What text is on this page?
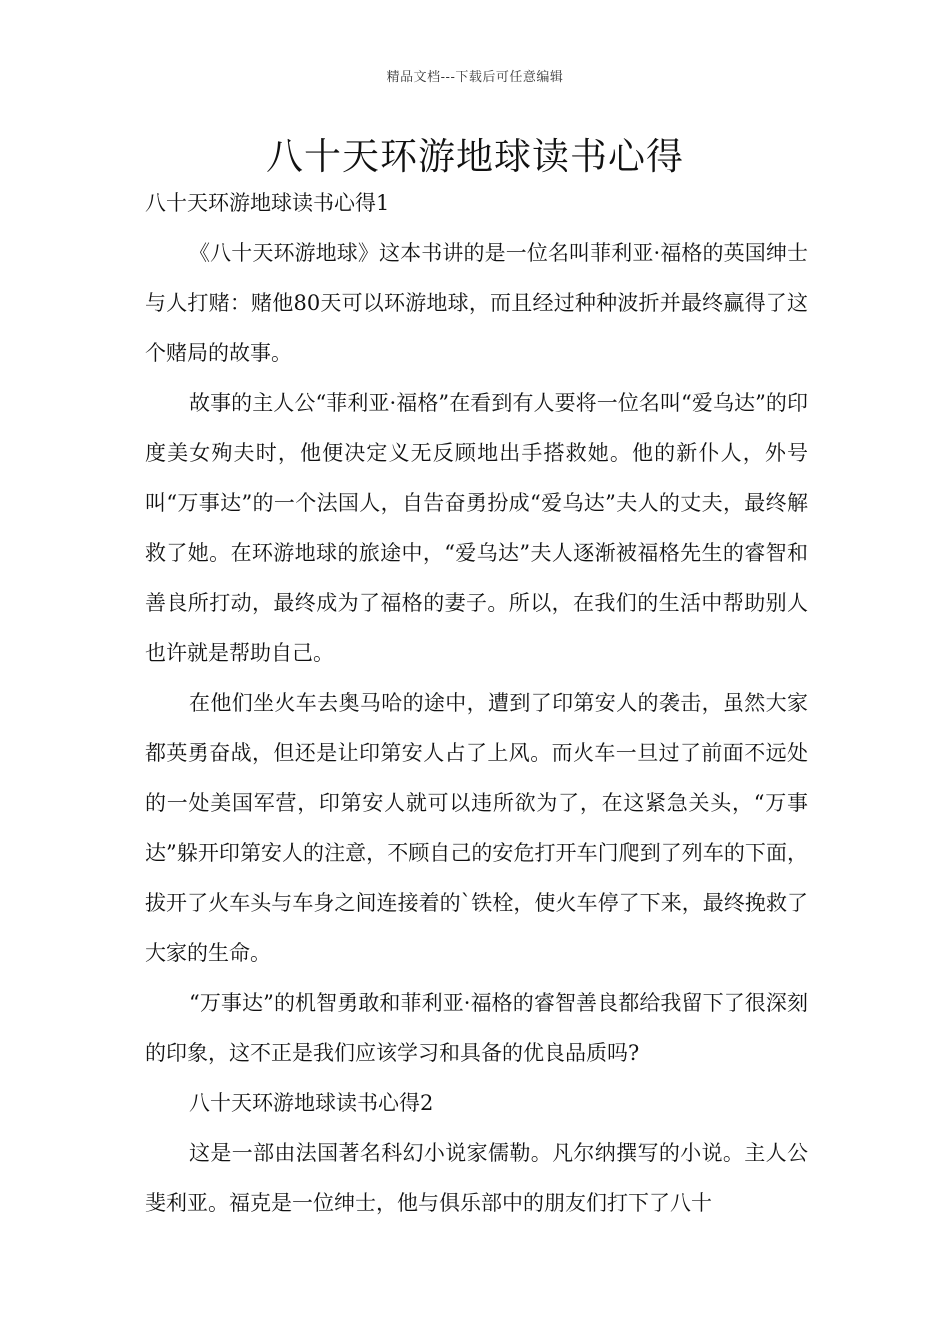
精品文档---下载后可任意编辑
八十天环游地球读书心得

八十天环游地球读书心得1

《八十天环游地球》这本书讲的是一位名叫菲利亚·福格的英国绅士与人打赌：赌他80天可以环游地球，而且经过种种波折并最终赢得了这个赌局的故事。

故事的主人公“菲利亚·福格”在看到有人要将一位名叫“爱乌达”的印度美女殉夫时，他便决定义无反顾地出手搭救她。他的新仆人，外号叫“万事达”的一个法国人，自告奋勇扮成“爱乌达”夫人的丈夫，最终解救了她。在环游地球的旅途中，“爱乌达”夫人逐渐被福格先生的睿智和善良所打动，最终成为了福格的妻子。所以，在我们的生活中帮助别人也许就是帮助自己。

在他们坐火车去奥马哈的途中，遭到了印第安人的袭击，虽然大家都英勇奋战，但还是让印第安人占了上风。而火车一旦过了前面不远处的一处美国军营，印第安人就可以违所欲为了，在这紧急关头，“万事达”躲开印第安人的注意，不顾自己的安危打开车门爬到了列车的下面，拔开了火车头与车身之间连接着的`铁栓，使火车停了下来，最终挽救了大家的生命。

“万事达”的机智勇敢和菲利亚·福格的睿智善良都给我留下了很深刻的印象，这不正是我们应该学习和具备的优良品质吗?

八十天环游地球读书心得2

这是一部由法国著名科幻小说家儒勒。凡尔纳撰写的小说。主人公斐利亚。福克是一位绅士，他与俱乐部中的朋友们打下了八十
